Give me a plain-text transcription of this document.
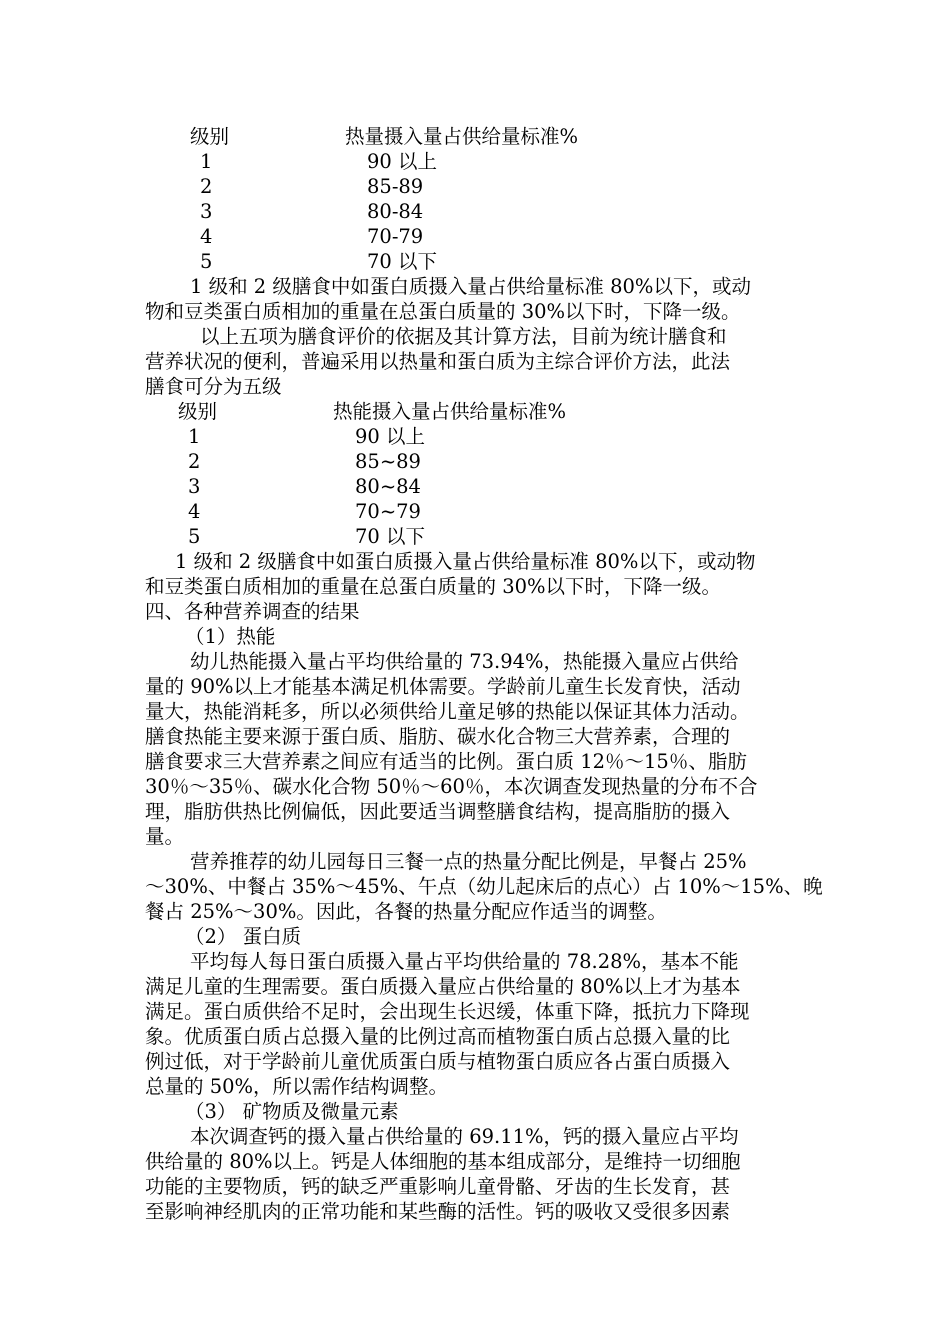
级别	热量摄入量占供给量标准%
1	90 以上
2	85-89
3	80-84
4	70-79
5	70 以下
1 级和 2 级膳食中如蛋白质摄入量占供给量标准 80%以下，或动
物和豆类蛋白质相加的重量在总蛋白质量的 30%以下时，下降一级。
以上五项为膳食评价的依据及其计算方法，目前为统计膳食和
营养状况的便利，普遍采用以热量和蛋白质为主综合评价方法，此法
膳食可分为五级
级别	热能摄入量占供给量标准%
1	90 以上
2	85~89
3	80~84
4	70~79
5	70 以下
1 级和 2 级膳食中如蛋白质摄入量占供给量标准 80%以下，或动物
和豆类蛋白质相加的重量在总蛋白质量的 30%以下时，下降一级。
四、各种营养调查的结果
（1）热能
幼儿热能摄入量占平均供给量的 73.94%，热能摄入量应占供给
量的 90%以上才能基本满足机体需要。学龄前儿童生长发育快，活动
量大，热能消耗多，所以必须供给儿童足够的热能以保证其体力活动。
膳食热能主要来源于蛋白质、脂肪、碳水化合物三大营养素，合理的
膳食要求三大营养素之间应有适当的比例。蛋白质 12％～15％、脂肪
30％～35％、碳水化合物 50％～60％，本次调查发现热量的分布不合
理，脂肪供热比例偏低，因此要适当调整膳食结构，提高脂肪的摄入
量。
营养推荐的幼儿园每日三餐一点的热量分配比例是，早餐占 25%
～30%、中餐占 35%～45%、午点（幼儿起床后的点心）占 10%～15%、晚
餐占 25%～30%。因此，各餐的热量分配应作适当的调整。
（2） 蛋白质
平均每人每日蛋白质摄入量占平均供给量的 78.28%，基本不能
满足儿童的生理需要。蛋白质摄入量应占供给量的 80%以上才为基本
满足。蛋白质供给不足时，会出现生长迟缓，体重下降，抵抗力下降现
象。优质蛋白质占总摄入量的比例过高而植物蛋白质占总摄入量的比
例过低，对于学龄前儿童优质蛋白质与植物蛋白质应各占蛋白质摄入
总量的 50%，所以需作结构调整。
（3） 矿物质及微量元素
本次调查钙的摄入量占供给量的 69.11%，钙的摄入量应占平均
供给量的 80%以上。钙是人体细胞的基本组成部分，是维持一切细胞
功能的主要物质，钙的缺乏严重影响儿童骨骼、牙齿的生长发育，甚
至影响神经肌肉的正常功能和某些酶的活性。钙的吸收又受很多因素
